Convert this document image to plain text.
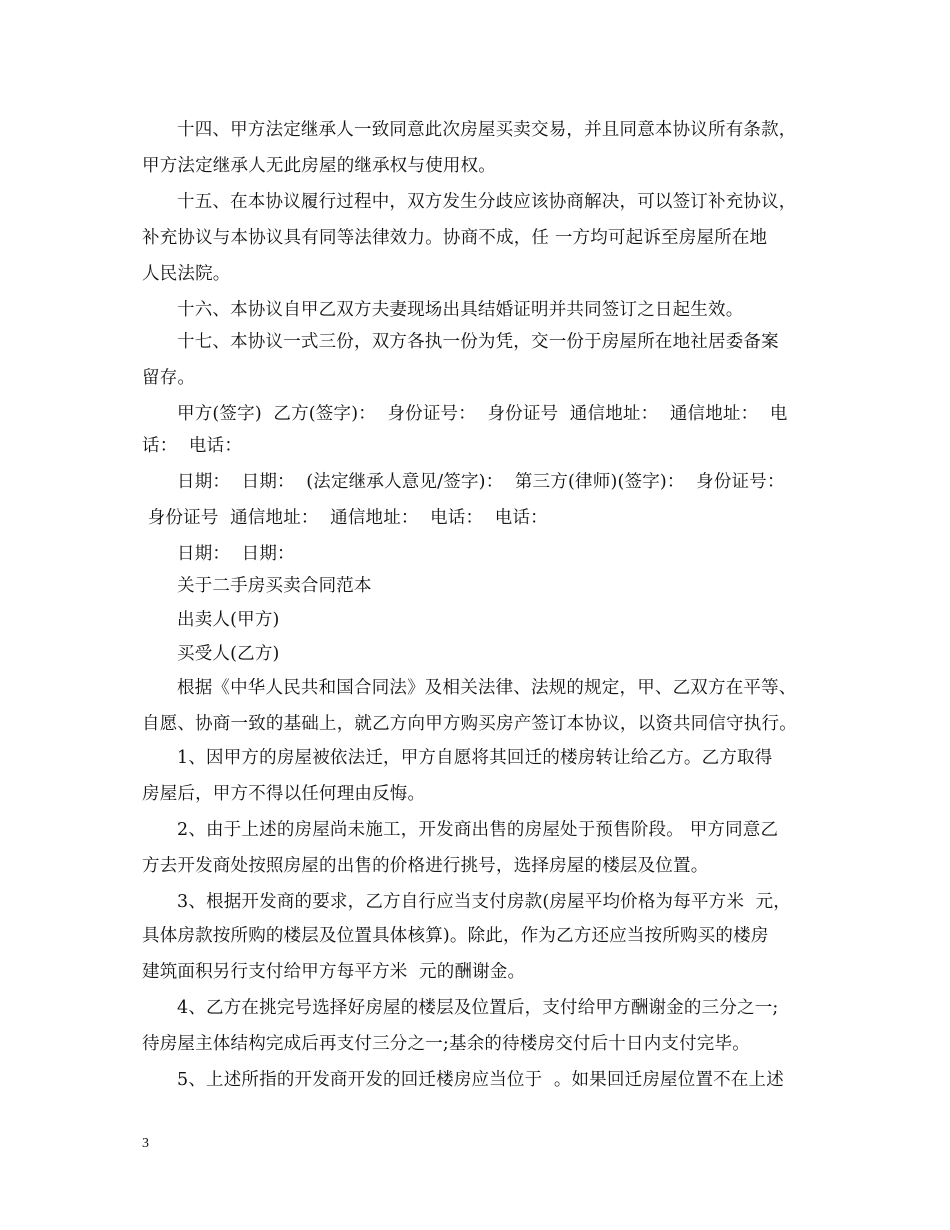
十四、甲方法定继承人一致同意此次房屋买卖交易，并且同意本协议所有条款，
甲方法定继承人无此房屋的继承权与使用权。
十五、在本协议履行过程中，双方发生分歧应该协商解决，可以签订补充协议，
补充协议与本协议具有同等法律效力。协商不成，任 一方均可起诉至房屋所在地
人民法院。
十六、本协议自甲乙双方夫妻现场出具结婚证明并共同签订之日起生效。
十七、本协议一式三份，双方各执一份为凭，交一份于房屋所在地社居委备案
留存。
甲方(签字)  乙方(签字)：  身份证号：  身份证号  通信地址：  通信地址：  电
话：  电话：
日期：  日期：  (法定继承人意见/签字)：  第三方(律师)(签字)：  身份证号：
身份证号  通信地址：  通信地址：  电话：  电话：
日期：  日期：
关于二手房买卖合同范本
出卖人(甲方)
买受人(乙方)
根据《中华人民共和国合同法》及相关法律、法规的规定，甲、乙双方在平等、
自愿、协商一致的基础上，就乙方向甲方购买房产签订本协议，以资共同信守执行。
1、因甲方的房屋被依法迁，甲方自愿将其回迁的楼房转让给乙方。乙方取得
房屋后，甲方不得以任何理由反悔。
2、由于上述的房屋尚未施工，开发商出售的房屋处于预售阶段。 甲方同意乙
方去开发商处按照房屋的出售的价格进行挑号，选择房屋的楼层及位置。
3、根据开发商的要求，乙方自行应当支付房款(房屋平均价格为每平方米  元，
具体房款按所购的楼层及位置具体核算)。除此，作为乙方还应当按所购买的楼房
建筑面积另行支付给甲方每平方米  元的酬谢金。
4、乙方在挑完号选择好房屋的楼层及位置后，支付给甲方酬谢金的三分之一;
待房屋主体结构完成后再支付三分之一;基余的待楼房交付后十日内支付完毕。
5、上述所指的开发商开发的回迁楼房应当位于  。如果回迁房屋位置不在上述
3
